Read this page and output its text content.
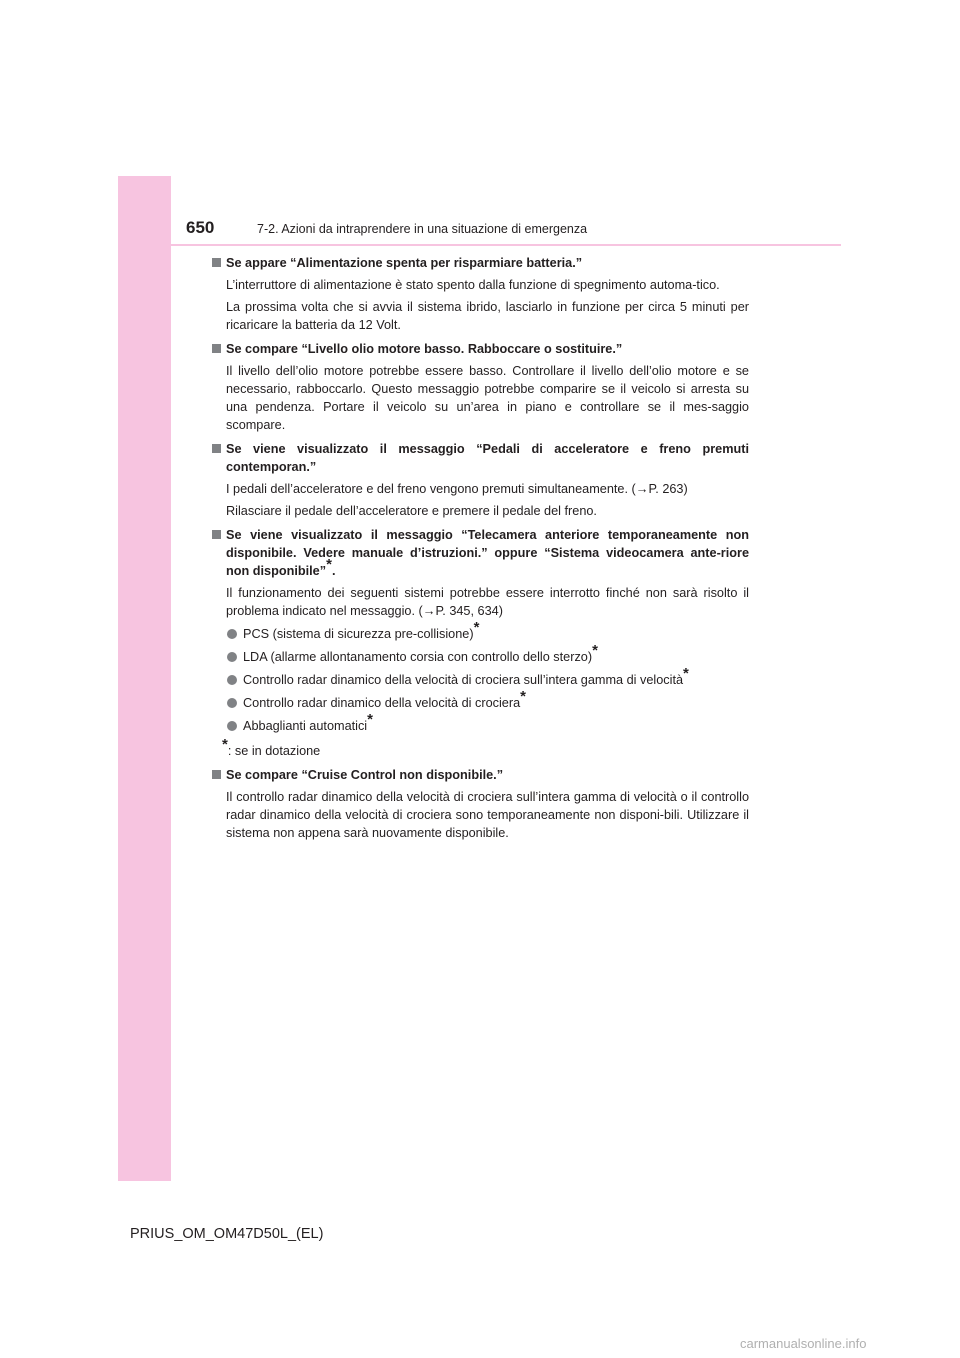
650	7-2. Azioni da intraprendere in una situazione di emergenza
Se appare “Alimentazione spenta per risparmiare batteria.”

L’interruttore di alimentazione è stato spento dalla funzione di spegnimento automa-tico.

La prossima volta che si avvia il sistema ibrido, lasciarlo in funzione per circa 5 minuti per ricaricare la batteria da 12 Volt.

Se compare “Livello olio motore basso. Rabboccare o sostituire.”

Il livello dell’olio motore potrebbe essere basso. Controllare il livello dell’olio motore e se necessario, rabboccarlo. Questo messaggio potrebbe comparire se il veicolo si arresta su una pendenza. Portare il veicolo su un’area in piano e controllare se il mes-saggio scompare.

Se viene visualizzato il messaggio “Pedali di acceleratore e freno premuti contemporan.”

I pedali dell’acceleratore e del freno vengono premuti simultaneamente. (→P. 263)

Rilasciare il pedale dell’acceleratore e premere il pedale del freno.

Se viene visualizzato il messaggio “Telecamera anteriore temporaneamente non disponibile. Vedere manuale d’istruzioni.” oppure “Sistema videocamera ante-riore non disponibile”*.

Il funzionamento dei seguenti sistemi potrebbe essere interrotto finché non sarà risolto il problema indicato nel messaggio. (→P. 345, 634)

PCS (sistema di sicurezza pre-collisione)*
LDA (allarme allontanamento corsia con controllo dello sterzo)*
Controllo radar dinamico della velocità di crociera sull’intera gamma di velocità*
Controllo radar dinamico della velocità di crociera*
Abbaglianti automatici*
*: se in dotazione
Se compare “Cruise Control non disponibile.”

Il controllo radar dinamico della velocità di crociera sull’intera gamma di velocità o il controllo radar dinamico della velocità di crociera sono temporaneamente non disponi-bili. Utilizzare il sistema non appena sarà nuovamente disponibile.

PRIUS_OM_OM47D50L_(EL)
carmanualsonline.info
